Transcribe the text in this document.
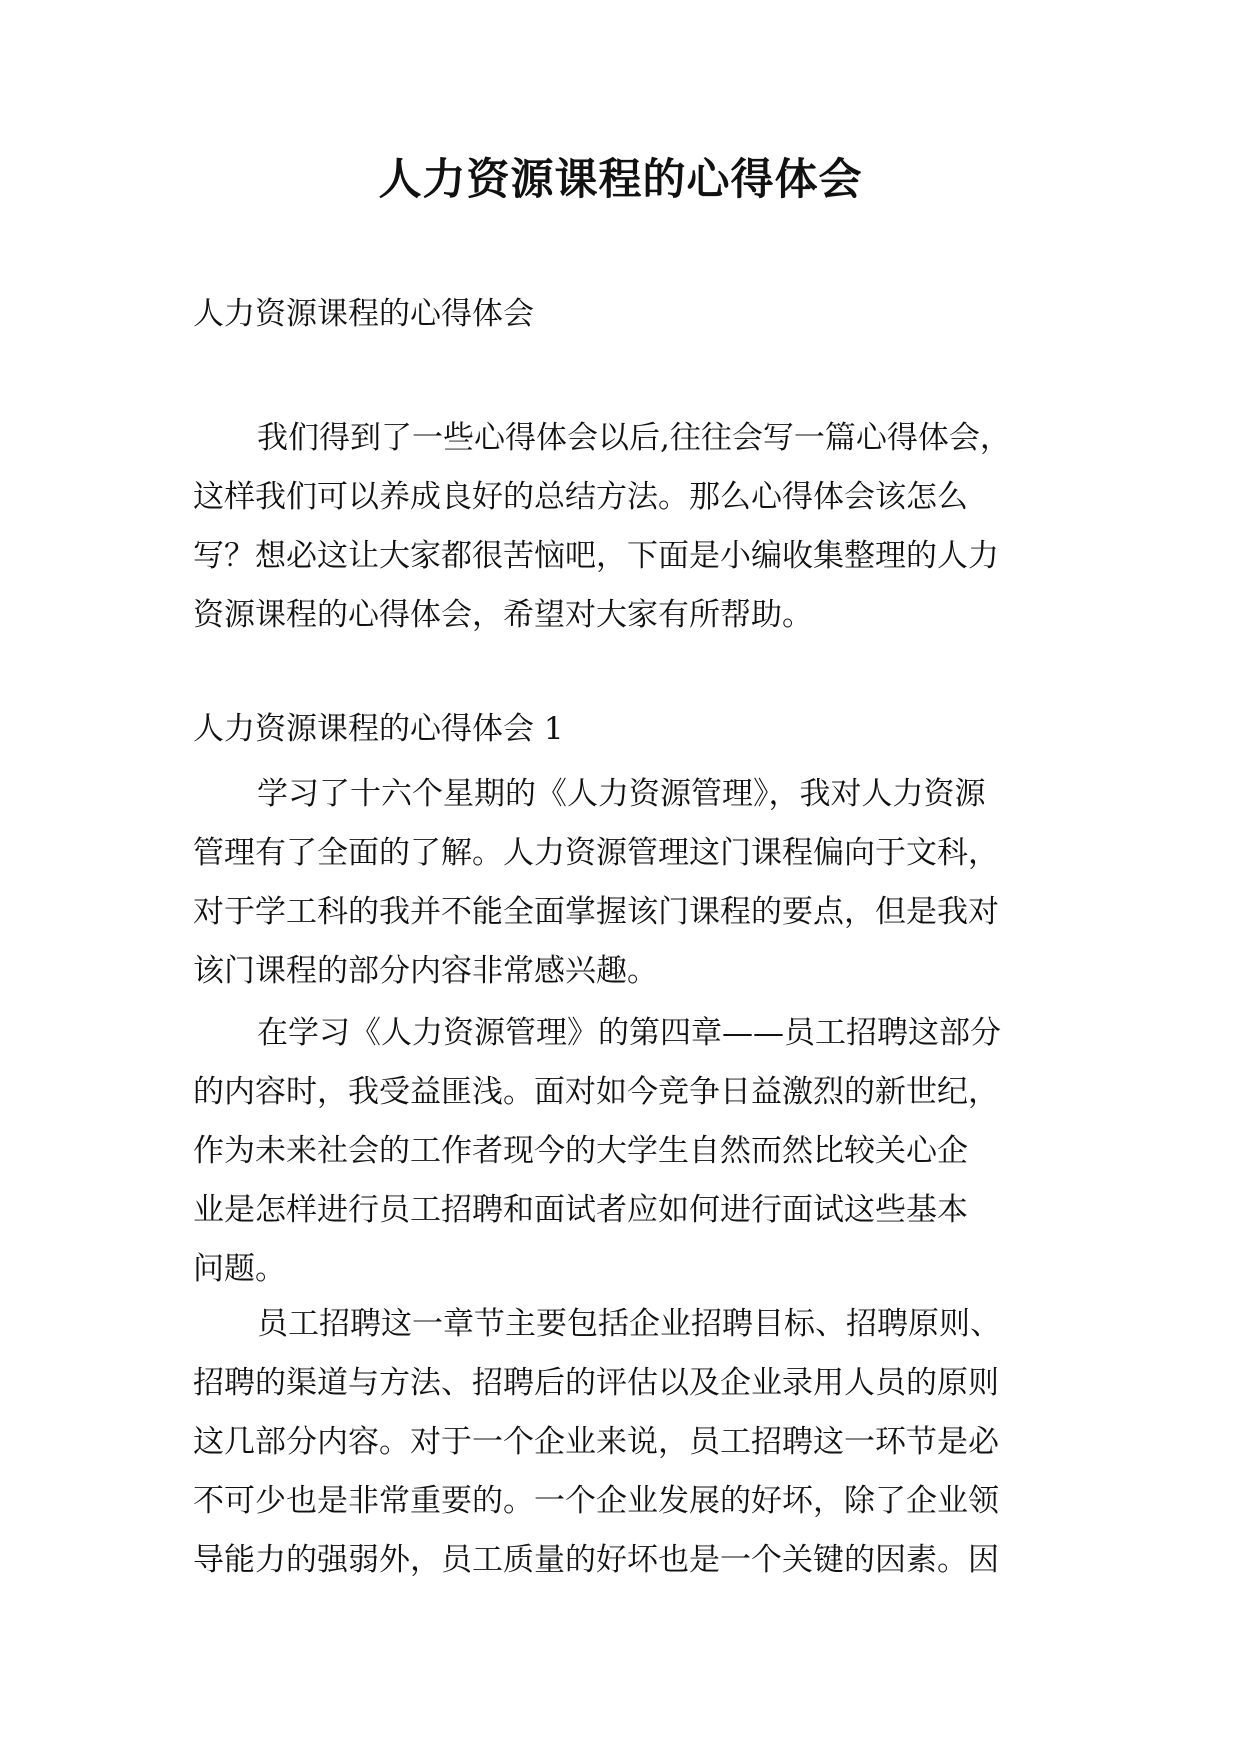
人力资源课程的心得体会
人力资源课程的心得体会
我们得到了一些心得体会以后,往往会写一篇心得体会，
这样我们可以养成良好的总结方法。那么心得体会该怎么
写？想必这让大家都很苦恼吧，下面是小编收集整理的人力
资源课程的心得体会，希望对大家有所帮助。
人力资源课程的心得体会 1
学习了十六个星期的《人力资源管理》，我对人力资源
管理有了全面的了解。人力资源管理这门课程偏向于文科，
对于学工科的我并不能全面掌握该门课程的要点，但是我对
该门课程的部分内容非常感兴趣。
在学习《人力资源管理》的第四章——员工招聘这部分
的内容时，我受益匪浅。面对如今竞争日益激烈的新世纪，
作为未来社会的工作者现今的大学生自然而然比较关心企
业是怎样进行员工招聘和面试者应如何进行面试这些基本
问题。
员工招聘这一章节主要包括企业招聘目标、招聘原则、
招聘的渠道与方法、招聘后的评估以及企业录用人员的原则
这几部分内容。对于一个企业来说，员工招聘这一环节是必
不可少也是非常重要的。一个企业发展的好坏，除了企业领
导能力的强弱外，员工质量的好坏也是一个关键的因素。因
